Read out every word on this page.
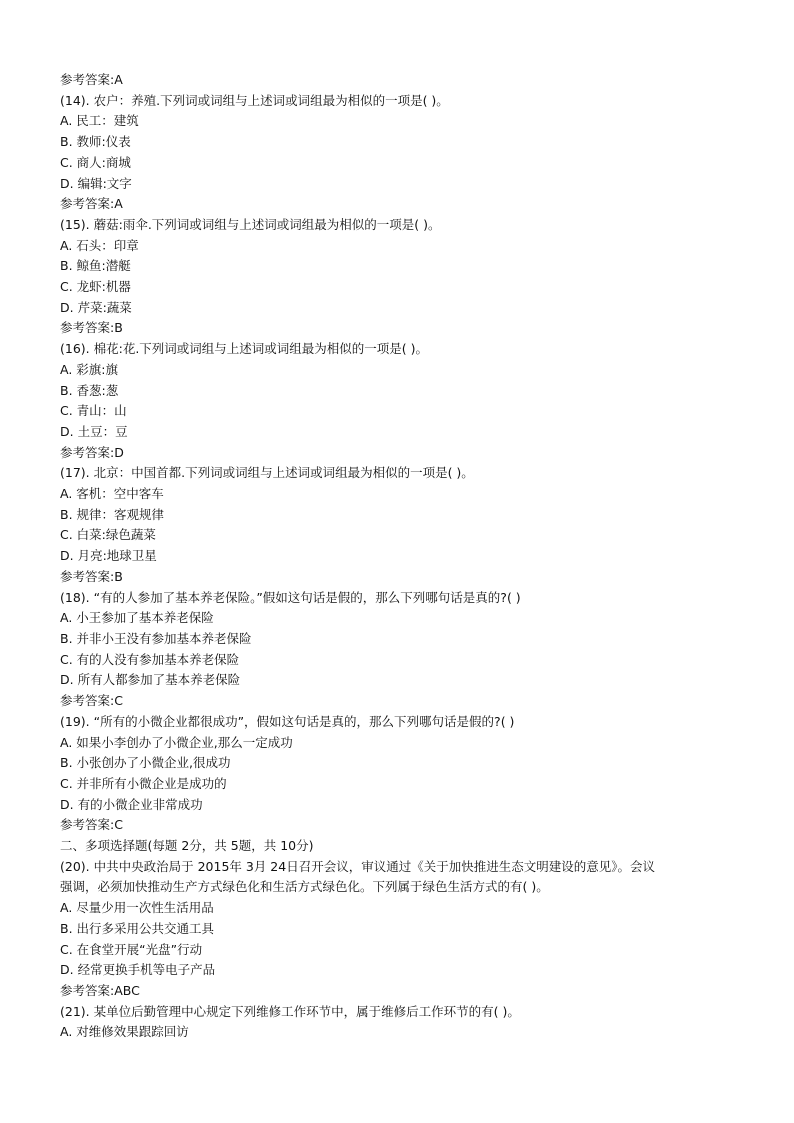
参考答案:A
(14). 农户：养殖.下列词或词组与上述词或词组最为相似的一项是( )。
A. 民工：建筑
B. 教师:仪表
C. 商人:商城
D. 编辑:文字
参考答案:A
(15). 蘑菇:雨伞.下列词或词组与上述词或词组最为相似的一项是( )。
A. 石头：印章
B. 鲸鱼:潜艇
C. 龙虾:机器
D. 芹菜:蔬菜
参考答案:B
(16). 棉花:花.下列词或词组与上述词或词组最为相似的一项是( )。
A. 彩旗:旗
B. 香葱:葱
C. 青山：山
D. 土豆：豆
参考答案:D
(17). 北京：中国首都.下列词或词组与上述词或词组最为相似的一项是( )。
A. 客机：空中客车
B. 规律：客观规律
C. 白菜:绿色蔬菜
D. 月亮:地球卫星
参考答案:B
(18). “有的人参加了基本养老保险。”假如这句话是假的，那么下列哪句话是真的?( )
A. 小王参加了基本养老保险
B. 并非小王没有参加基本养老保险
C. 有的人没有参加基本养老保险
D. 所有人都参加了基本养老保险
参考答案:C
(19). “所有的小微企业都很成功”，假如这句话是真的，那么下列哪句话是假的?( )
A. 如果小李创办了小微企业,那么一定成功
B. 小张创办了小微企业,很成功
C. 并非所有小微企业是成功的
D. 有的小微企业非常成功
参考答案:C
二、多项选择题(每题 2分，共 5题，共 10分)
(20). 中共中央政治局于 2015年 3月 24日召开会议，审议通过《关于加快推进生态文明建设的意见》。会议
强调，必须加快推动生产方式绿色化和生活方式绿色化。下列属于绿色生活方式的有( )。
A. 尽量少用一次性生活用品
B. 出行多采用公共交通工具
C. 在食堂开展“光盘”行动
D. 经常更换手机等电子产品
参考答案:ABC
(21). 某单位后勤管理中心规定下列维修工作环节中，属于维修后工作环节的有( )。
A. 对维修效果跟踪回访
